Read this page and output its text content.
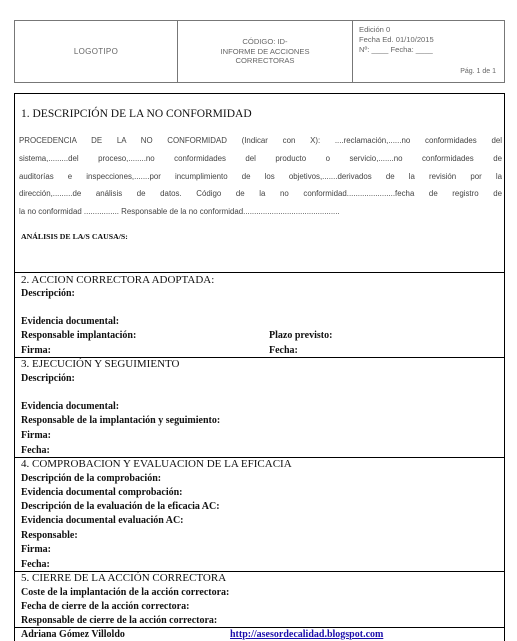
LOGOTIPO
CÓDIGO: ID-
INFORME DE ACCIONES
CORRECTORAS
Edición 0
Fecha Ed. 01/10/2015
Nº: ____ Fecha: ____
Pág. 1 de 1
1. DESCRIPCIÓN DE LA NO CONFORMIDAD
PROCEDENCIA DE LA NO CONFORMIDAD (Indicar con X): ....reclamación,......no conformidades del
sistema,.........del proceso,........no conformidades del producto o servicio,.......no conformidades de
auditorías e inspecciones,.......por incumplimiento de los objetivos,.......derivados de la revisión por la
dirección,.........de análisis de datos. Código de la no conformidad......................fecha de registro de
la no conformidad ................ Responsable de la no conformidad............................................
ANÁLISIS DE LA/S CAUSA/S:
2. ACCION CORRECTORA ADOPTADA:
Descripción:
Evidencia documental:
Responsable implantación:	Plazo previsto:
Firma:	Fecha:
3. EJECUCIÓN Y SEGUIMIENTO
Descripción:
Evidencia documental:
Responsable de la implantación y seguimiento:
Firma:
Fecha:
4. COMPROBACION Y EVALUACION DE LA EFICACIA
Descripción de la comprobación:
Evidencia documental comprobación:
Descripción de la evaluación de la eficacia AC:
Evidencia documental evaluación AC:
Responsable:
Firma:
Fecha:
5. CIERRE DE LA ACCIÓN CORRECTORA
Coste de la implantación de la acción correctora:
Fecha de cierre de la acción correctora:
Responsable de cierre de la acción correctora:
Adriana Gómez Villoldo	http://asesordecalidad.blogspot.com
